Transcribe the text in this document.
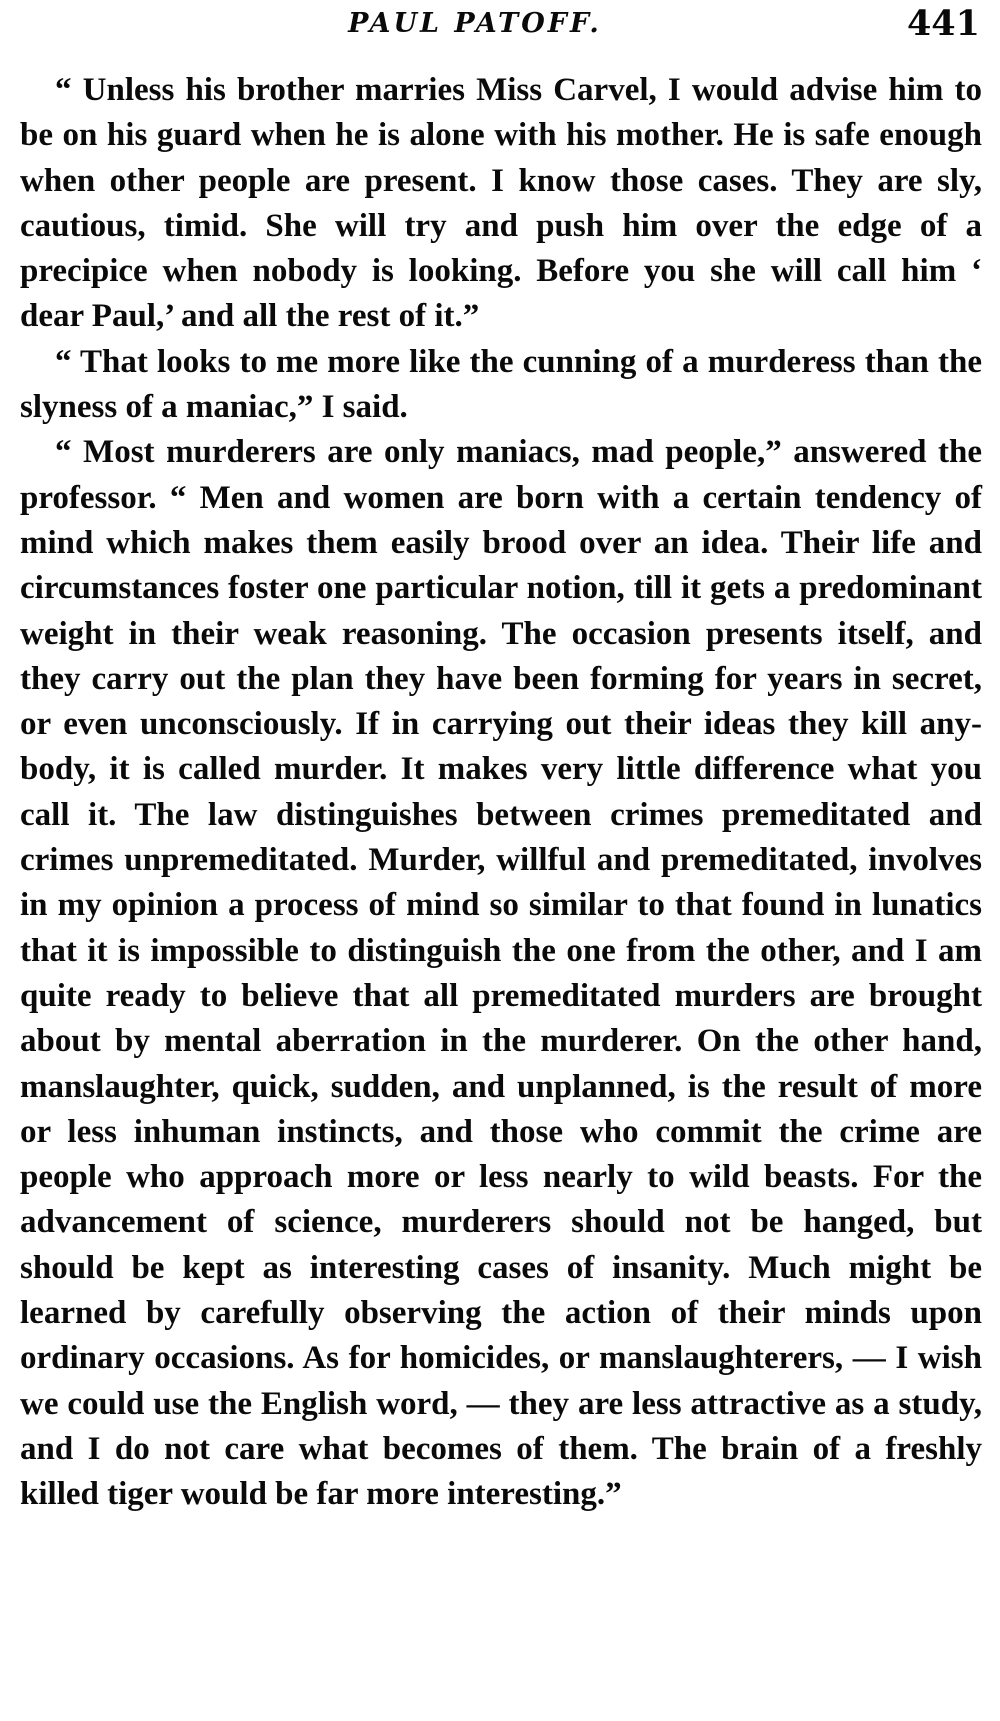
PAUL PATOFF.	441

“ Unless his brother marries Miss Carvel, I would advise him to be on his guard when he is alone with his mother. He is safe enough when other people are present. I know those cases. They are sly, cautious, timid. She will try and push him over the edge of a precipice when nobody is looking. Before you she will call him ‘ dear Paul,’ and all the rest of it.”

“ That looks to me more like the cunning of a murderess than the slyness of a maniac,” I said.

“ Most murderers are only maniacs, mad people,” answered the professor. “ Men and women are born with a certain tendency of mind which makes them easily brood over an idea. Their life and circumstances foster one particular notion, till it gets a predominant weight in their weak reasoning. The occasion presents itself, and they carry out the plan they have been forming for years in secret, or even unconsciously. If in carrying out their ideas they kill anybody, it is called murder. It makes very little difference what you call it. The law distinguishes between crimes premeditated and crimes unpremeditated. Murder, willful and premeditated, involves in my opinion a process of mind so similar to that found in lunatics that it is impossible to distinguish the one from the other, and I am quite ready to believe that all premeditated murders are brought about by mental aberration in the murderer. On the other hand, manslaughter, quick, sudden, and unplanned, is the result of more or less inhuman instincts, and those who commit the crime are people who approach more or less nearly to wild beasts. For the advancement of science, murderers should not be hanged, but should be kept as interesting cases of insanity. Much might be learned by carefully observing the action of their minds upon ordinary occasions. As for homicides, or manslaughterers, — I wish we could use the English word, — they are less attractive as a study, and I do not care what becomes of them. The brain of a freshly killed tiger would be far more interesting.”
